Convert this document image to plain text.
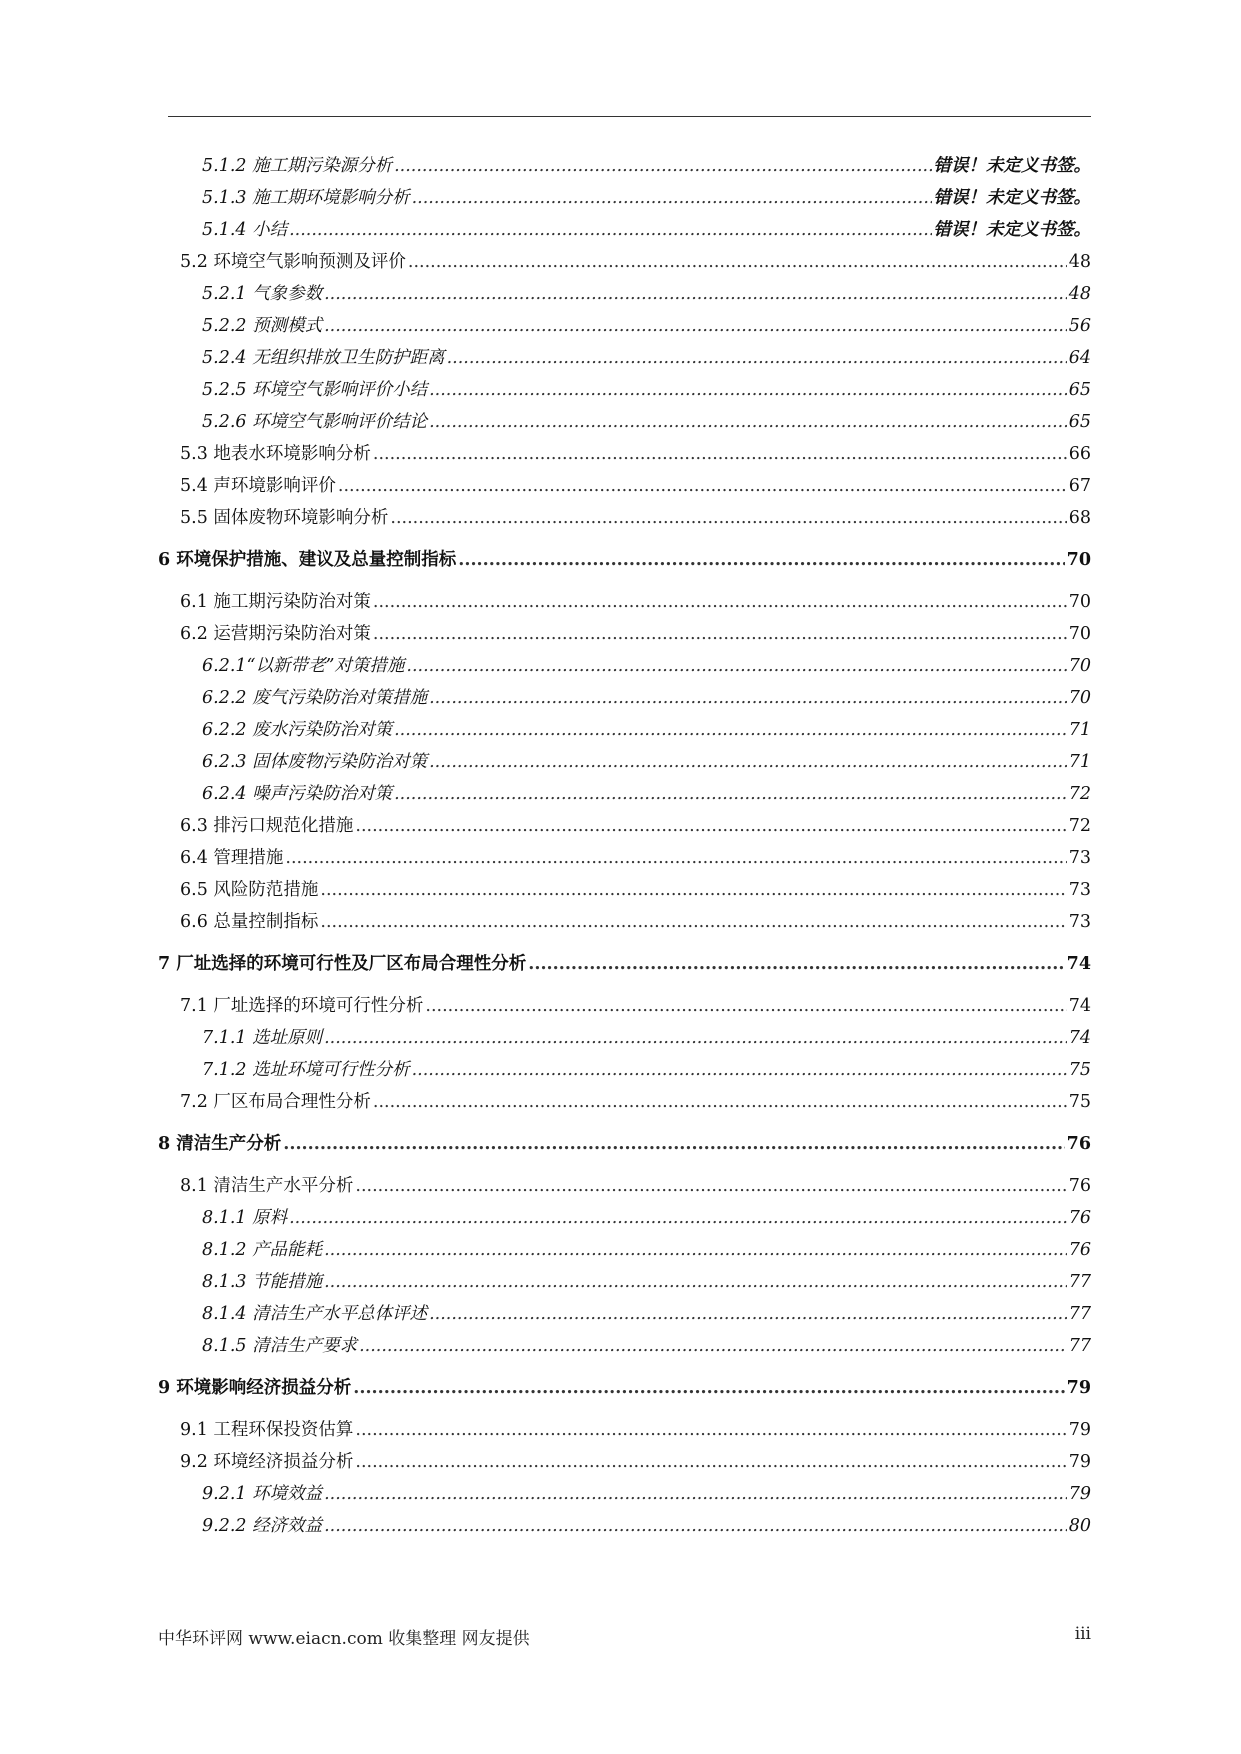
5.1.2 施工期污染源分析 .....	错误！未定义书签。
5.1.3 施工期环境影响分析 .....	错误！未定义书签。
5.1.4 小结 .....	错误！未定义书签。
5.2 环境空气影响预测及评价 .....	48
5.2.1 气象参数 .....	48
5.2.2 预测模式 .....	56
5.2.4 无组织排放卫生防护距离 .....	64
5.2.5 环境空气影响评价小结 .....	65
5.2.6 环境空气影响评价结论 .....	65
5.3 地表水环境影响分析 .....	66
5.4 声环境影响评价 .....	67
5.5 固体废物环境影响分析 .....	68
6 环境保护措施、建议及总量控制指标 .....	70
6.1 施工期污染防治对策 .....	70
6.2 运营期污染防治对策 .....	70
6.2.1“以新带老”对策措施 .....	70
6.2.2 废气污染防治对策措施 .....	70
6.2.2 废水污染防治对策 .....	71
6.2.3 固体废物污染防治对策 .....	71
6.2.4 噪声污染防治对策 .....	72
6.3 排污口规范化措施 .....	72
6.4 管理措施 .....	73
6.5 风险防范措施 .....	73
6.6 总量控制指标 .....	73
7 厂址选择的环境可行性及厂区布局合理性分析 .....	74
7.1 厂址选择的环境可行性分析 .....	74
7.1.1 选址原则 .....	74
7.1.2 选址环境可行性分析 .....	75
7.2 厂区布局合理性分析 .....	75
8 清洁生产分析 .....	76
8.1 清洁生产水平分析 .....	76
8.1.1 原料 .....	76
8.1.2 产品能耗 .....	76
8.1.3 节能措施 .....	77
8.1.4 清洁生产水平总体评述 .....	77
8.1.5 清洁生产要求 .....	77
9 环境影响经济损益分析 .....	79
9.1 工程环保投资估算 .....	79
9.2 环境经济损益分析 .....	79
9.2.1 环境效益 .....	79
9.2.2 经济效益 .....	80
中华环评网 www.eiacn.com 收集整理 网友提供	iii
